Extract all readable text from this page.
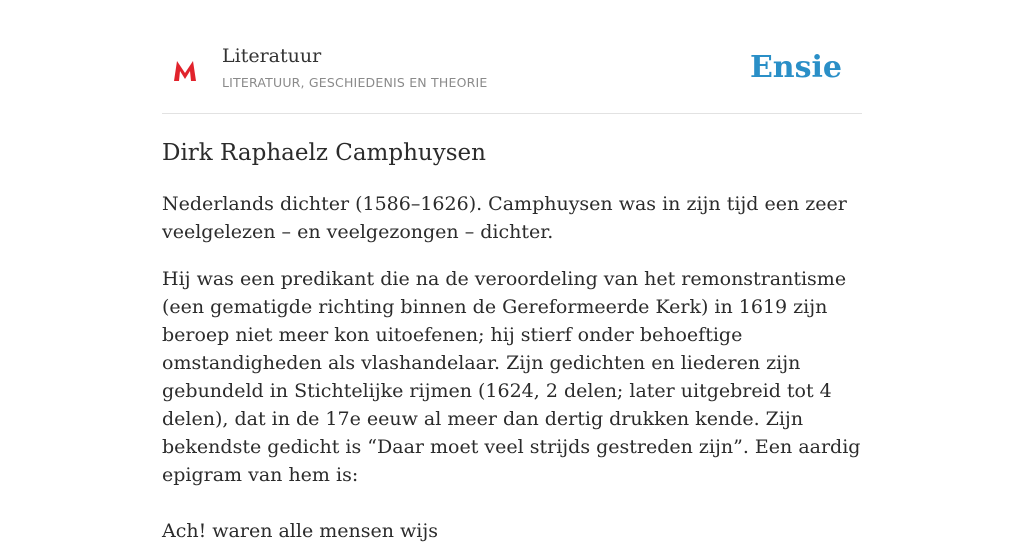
Literatuur
LITERATUUR, GESCHIEDENIS EN THEORIE	Ensie
Dirk Raphaelz Camphuysen

Nederlands dichter (1586–1626). Camphuysen was in zijn tijd een zeer veelgelezen – en veelgezongen – dichter.

Hij was een predikant die na de veroordeling van het remonstrantisme (een gematigde richting binnen de Gereformeerde Kerk) in 1619 zijn beroep niet meer kon uitoefenen; hij stierf onder behoeftige omstandigheden als vlashandelaar. Zijn gedichten en liederen zijn gebundeld in Stichtelijke rijmen (1624, 2 delen; later uitgebreid tot 4 delen), dat in de 17e eeuw al meer dan dertig drukken kende. Zijn bekendste gedicht is “Daar moet veel strijds gestreden zijn”. Een aardig epigram van hem is:

Ach! waren alle mensen wijs
